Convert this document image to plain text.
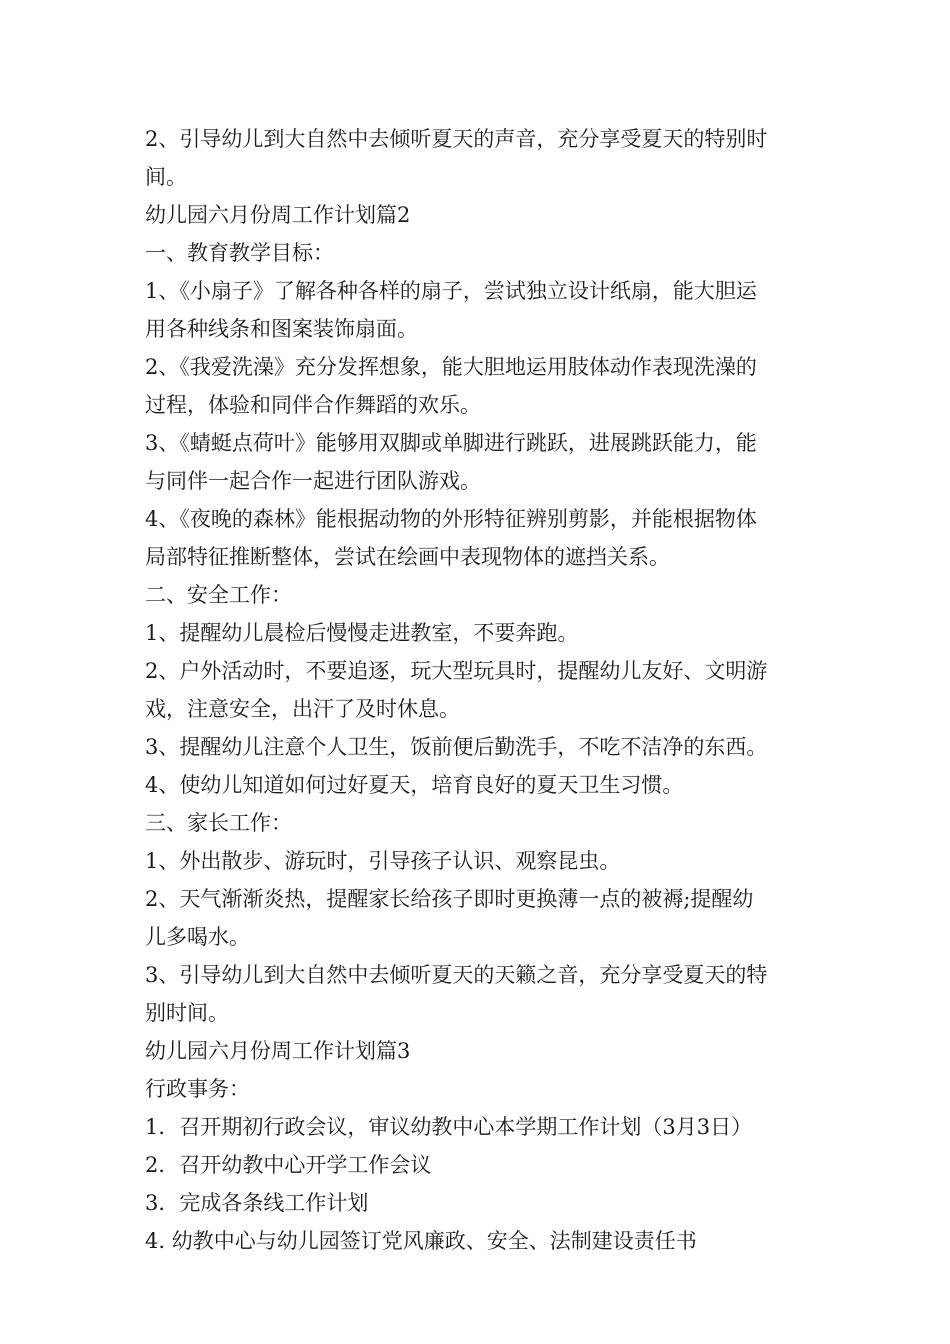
2、引导幼儿到大自然中去倾听夏天的声音，充分享受夏天的特别时
间。
幼儿园六月份周工作计划篇2
一、教育教学目标：
1、《小扇子》了解各种各样的扇子，尝试独立设计纸扇，能大胆运
用各种线条和图案装饰扇面。
2、《我爱洗澡》充分发挥想象，能大胆地运用肢体动作表现洗澡的
过程，体验和同伴合作舞蹈的欢乐。
3、《蜻蜓点荷叶》能够用双脚或单脚进行跳跃，进展跳跃能力，能
与同伴一起合作一起进行团队游戏。
4、《夜晚的森林》能根据动物的外形特征辨别剪影，并能根据物体
局部特征推断整体，尝试在绘画中表现物体的遮挡关系。
二、安全工作：
1、提醒幼儿晨检后慢慢走进教室，不要奔跑。
2、户外活动时，不要追逐，玩大型玩具时，提醒幼儿友好、文明游
戏，注意安全，出汗了及时休息。
3、提醒幼儿注意个人卫生，饭前便后勤洗手，不吃不洁净的东西。
4、使幼儿知道如何过好夏天，培育良好的夏天卫生习惯。
三、家长工作：
1、外出散步、游玩时，引导孩子认识、观察昆虫。
2、天气渐渐炎热，提醒家长给孩子即时更换薄一点的被褥;提醒幼
儿多喝水。
3、引导幼儿到大自然中去倾听夏天的天籁之音，充分享受夏天的特
别时间。
幼儿园六月份周工作计划篇3
行政事务：
1．召开期初行政会议，审议幼教中心本学期工作计划（3月3日）
2．召开幼教中心开学工作会议
3．完成各条线工作计划
4. 幼教中心与幼儿园签订党风廉政、安全、法制建设责任书
